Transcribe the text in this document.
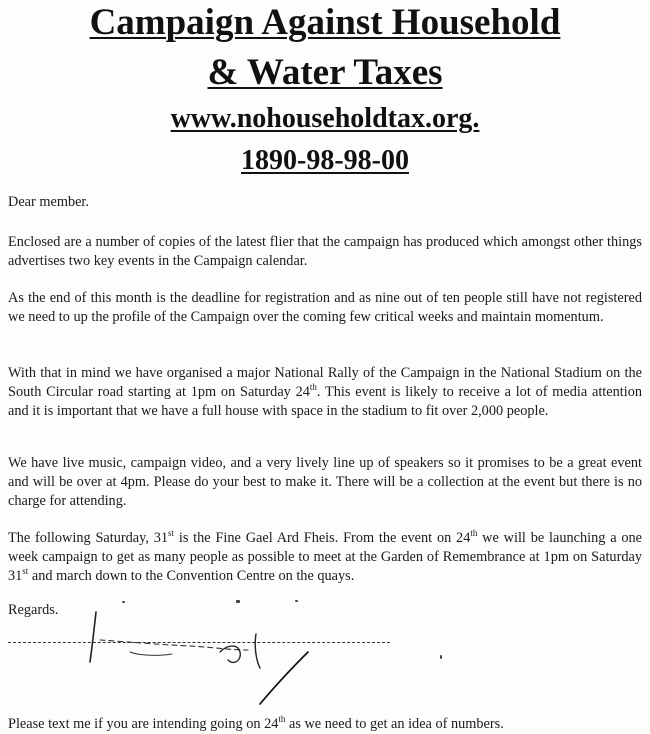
Campaign Against Household
& Water Taxes
www.nohouseholdtax.org.
1890-98-98-00

Dear member.

Enclosed are a number of copies of the latest flier that the campaign has produced which amongst other things advertises two key events in the Campaign calendar.

As the end of this month is the deadline for registration and as nine out of ten people still have not registered we need to up the profile of the Campaign over the coming few critical weeks and maintain momentum.

With that in mind we have organised a major National Rally of the Campaign in the National Stadium on the South Circular road starting at 1pm on Saturday 24th. This event is likely to receive a lot of media attention and it is important that we have a full house with space in the stadium to fit over 2,000 people.

We have live music, campaign video, and a very lively line up of speakers so it promises to be a great event and will be over at 4pm. Please do your best to make it. There will be a collection at the event but there is no charge for attending.

The following Saturday, 31st is the Fine Gael Ard Fheis. From the event on 24th we will be launching a one week campaign to get as many people as possible to meet at the Garden of Remembrance at 1pm on Saturday 31st and march down to the Convention Centre on the quays.

Regards.

Please text me if you are intending going on 24th as we need to get an idea of numbers.
